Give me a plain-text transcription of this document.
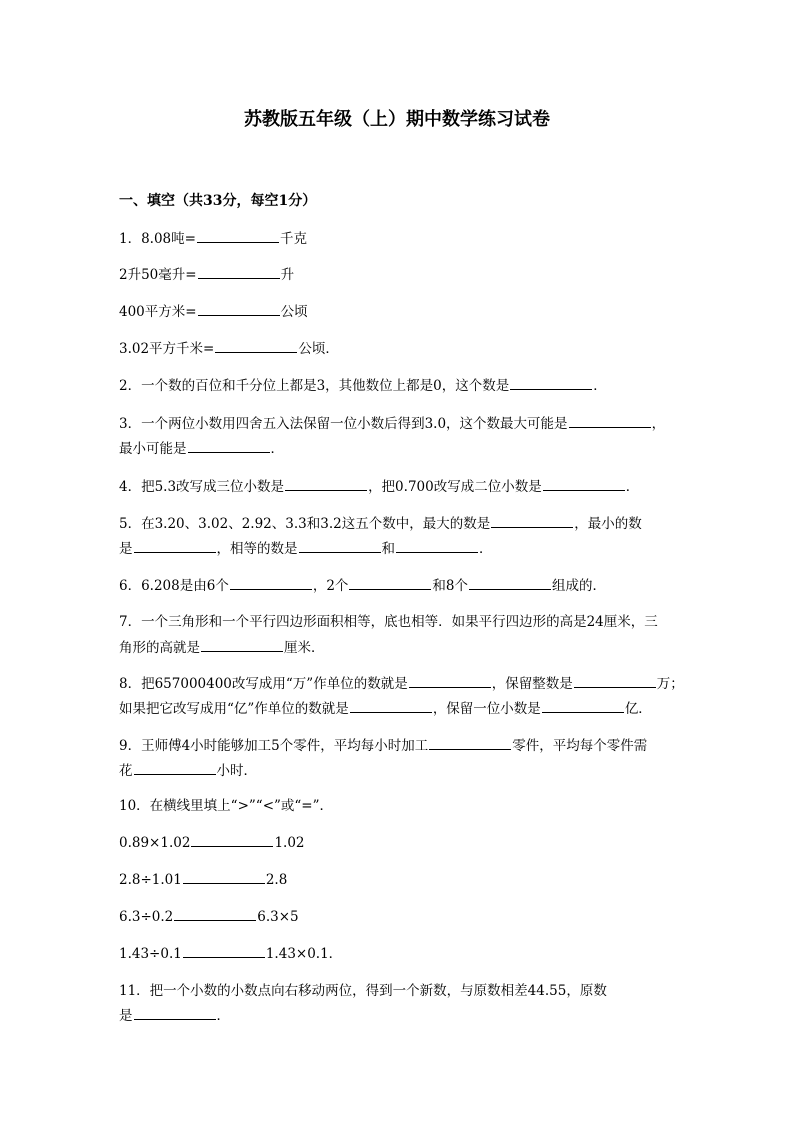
苏教版五年级（上）期中数学练习试卷
一、填空（共33分，每空1分）
1．8.08吨=	千克
2升50毫升=	升
400平方米=	公顷
3.02平方千米=	公顷．
2．一个数的百位和千分位上都是3，其他数位上都是0，这个数是	．
3．一个两位小数用四舍五入法保留一位小数后得到3.0，这个数最大可能是	，
最小可能是	．
4．把5.3改写成三位小数是	，把0.700改写成二位小数是	．
5．在3.20、3.02、2.92、3.3和3.2这五个数中，最大的数是	，最小的数
是	，相等的数是	和	．
6．6.208是由6个	，2个	和8个	组成的．
7．一个三角形和一个平行四边形面积相等，底也相等．如果平行四边形的高是24厘米，三
角形的高就是	厘米．
8．把657000400改写成用“万”作单位的数就是	，保留整数是	万；
如果把它改写成用“亿”作单位的数就是	，保留一位小数是	亿．
9．王师傅4小时能够加工5个零件，平均每小时加工	零件，平均每个零件需
花	小时．
10．在横线里填上“>”“<”或“=”．
0.89×1.02	1.02
2.8÷1.01	2.8
6.3÷0.2	6.3×5
1.43÷0.1	1.43×0.1．
11．把一个小数的小数点向右移动两位，得到一个新数，与原数相差44.55，原数
是	．
